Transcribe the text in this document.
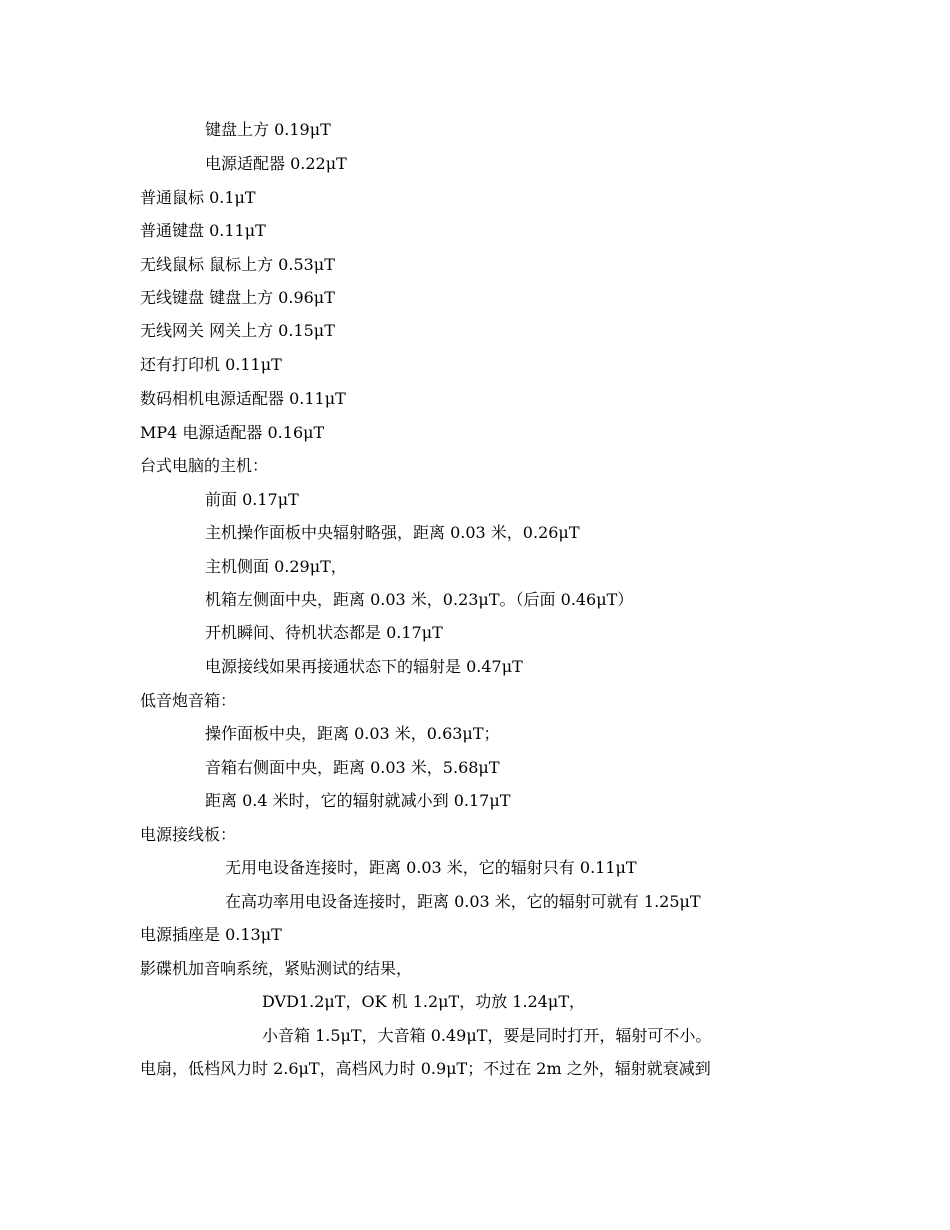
键盘上方 0.19μT
电源适配器 0.22μT
普通鼠标 0.1μT
普通键盘 0.11μT
无线鼠标 鼠标上方 0.53μT
无线键盘 键盘上方 0.96μT
无线网关 网关上方 0.15μT
还有打印机 0.11μT
数码相机电源适配器 0.11μT
MP4 电源适配器 0.16μT
台式电脑的主机：
前面 0.17μT
主机操作面板中央辐射略强，距离 0.03 米，0.26μT
主机侧面 0.29μT，
机箱左侧面中央，距离 0.03 米，0.23μT。（后面 0.46μT）
开机瞬间、待机状态都是 0.17μT
电源接线如果再接通状态下的辐射是 0.47μT
低音炮音箱：
操作面板中央，距离 0.03 米，0.63μT；
音箱右侧面中央，距离 0.03 米，5.68μT
距离 0.4 米时，它的辐射就减小到 0.17μT
电源接线板：
无用电设备连接时，距离 0.03 米，它的辐射只有 0.11μT
在高功率用电设备连接时，距离 0.03 米，它的辐射可就有 1.25μT
电源插座是 0.13μT
影碟机加音响系统，紧贴测试的结果，
DVD1.2μT，OK 机 1.2μT，功放 1.24μT，
小音箱 1.5μT，大音箱 0.49μT，要是同时打开，辐射可不小。
电扇，低档风力时 2.6μT，高档风力时 0.9μT；不过在 2m 之外，辐射就衰减到
